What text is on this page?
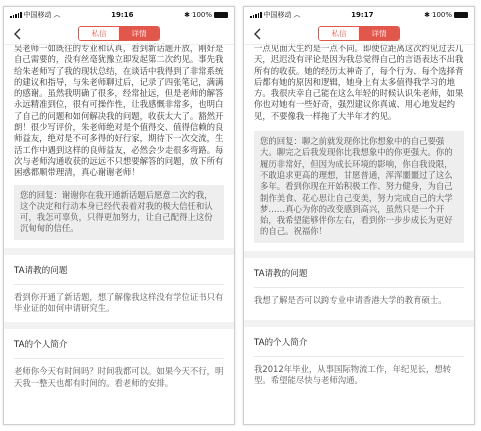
中国移动 ︵	19:16	✱ 100%
私信	详情
吴老师一如既往的专业和认真，看到新话题开放，刚好是自己需要的，没有丝毫犹豫立即发起第二次约见。事先我给朱老师写了我的现状总结，在谈话中我得到了非常系统的建议和指导，与朱老师聊过后，记录了四张笔记，满满的感谢。虽然我明确了很多，经常扯远，但是老师的解答永远精准到位，很有可操作性，让我感慨非常多，也明白了自己的问题和如何解决我的问题，收获太大了。豁然开朗！很少写评价，朱老师绝对是个值得交、值得信赖的良师益友，绝对是不可多得的好行家，期待下一次交流，生活工作中遇到这样的良师益友，必然会少走很多弯路。每次与老师沟通收获的远远不只想要解答的问题，放下所有困惑都顺带理清，真心谢谢老师！
您的回复：谢谢你在我开通新话题后愿意二次约我，这个决定和行动本身已经代表着对我的极大信任和认可，我怎可辜负，只得更加努力，让自己配得上这份沉甸甸的信任。
TA请教的问题
看到你开通了新话题，想了解像我这样没有学位证书只有毕业证的如何申请研究生。
TA的个人简介
老师你今天有时间吗？时间我都可以。如果今天不行，明天我一整天也都有时间的。看老师的安排。
中国移动 ︵	19:17	✱ 100%
私信	详情
一点见面大生约是一点不同。即使位距离这次约见过去几天，迟迟没有评论是因为我总觉得自己的言语表达不出我所有的收获。她的经历太神奇了，每个行为、每个选择背后都有她的原因和逻辑，她身上有太多值得我学习的地方。我很庆幸自己能在这么年轻的时候认识朱老师，如果你也对她有一些好奇，强烈建议你真诚、用心地发起约见，不要像我一样拖了大半年才约见。
您的回复：聊之前就发现你比你想象中的自己要强大。聊完之后我发现你比我想象中的你更强大。你的履历非常好，但因为成长环境的影响，你自我设限，不敢追求更高的理想，甘愿普通，浑浑噩噩过了这么多年。看到你现在开始积极工作、努力健身，为自己制作美食、花心思让自己变美，努力完成自己的大学梦……真心为你的改变感到高兴，虽然只是一个开始，我希望能够伴你左右，看到你一步步成长为更好的自己。祝福你！
TA请教的问题
我想了解是否可以跨专业申请香港大学的教育硕士。
TA的个人简介
我2012年毕业，从事国际物流工作，年纪见长，想转型。希望能尽快与老师沟通。
